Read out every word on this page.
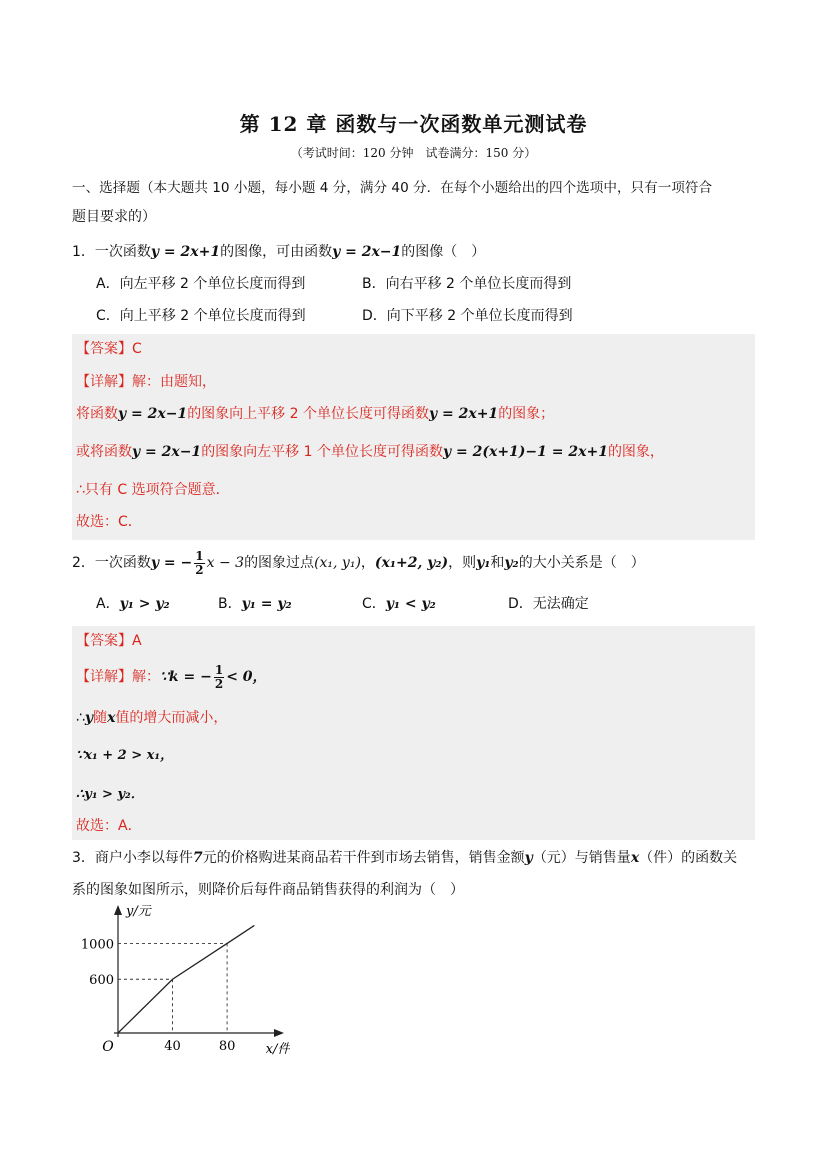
第 12 章 函数与一次函数单元测试卷
（考试时间：120 分钟　试卷满分：150 分）
一、选择题（本大题共 10 小题，每小题 4 分，满分 40 分．在每个小题给出的四个选项中，只有一项符合
题目要求的）
1．一次函数y = 2x+1的图像，可由函数y = 2x−1的图像（　）
A．向左平移 2 个单位长度而得到	B．向右平移 2 个单位长度而得到
C．向上平移 2 个单位长度而得到	D．向下平移 2 个单位长度而得到
【答案】C
【详解】解：由题知，
将函数y = 2x−1的图象向上平移 2 个单位长度可得函数y = 2x+1的图象；
或将函数y = 2x−1的图象向左平移 1 个单位长度可得函数y = 2(x+1)−1 = 2x+1的图象，
∴只有 C 选项符合题意．
故选：C．
2．一次函数y = − $\frac{1}{2}$ x − 3的图象过点(x₁, y₁)，(x₁+2, y₂)，则y₁和y₂的大小关系是（　）
A．y₁ > y₂	B．y₁ = y₂	C．y₁ < y₂	D．无法确定
【答案】A
【详解】解：∵k = − $\frac{1}{2} < 0$，
∴y随x值的增大而减小，
∵x₁ + 2 > x₁，
∴y₁ > y₂．
故选：A．
3．商户小李以每件7元的价格购进某商品若干件到市场去销售，销售金额y（元）与销售量x（件）的函数关
系的图象如图所示，则降价后每件商品销售获得的利润为（　）
40	80
600
1000
O	x/件
y/元
